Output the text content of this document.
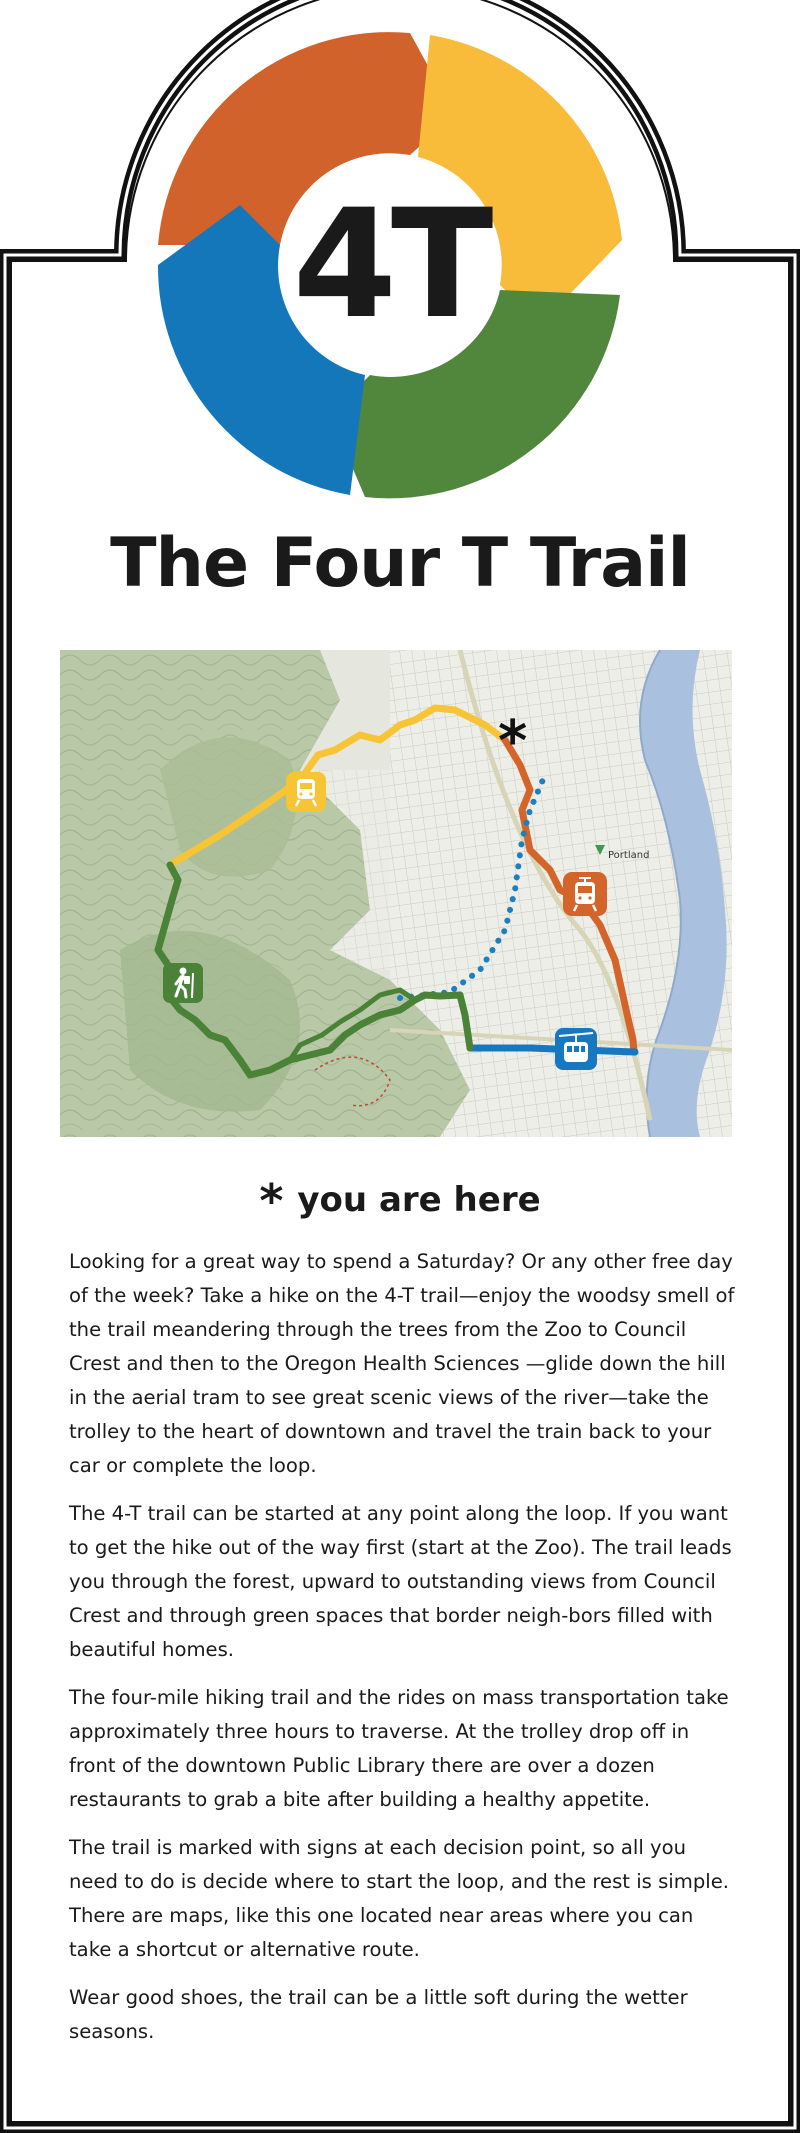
4T
The Four T Trail
Portland
*
* you are here

Looking for a great way to spend a Saturday? Or any other free day of the week? Take a hike on the 4-T trail—enjoy the woodsy smell of the trail meandering through the trees from the Zoo to Council Crest and then to the Oregon Health Sciences —glide down the hill in the aerial tram to see great scenic views of the river—take the trolley to the heart of downtown and travel the train back to your car or complete the loop.

The 4-T trail can be started at any point along the loop. If you want to get the hike out of the way first (start at the Zoo). The trail leads you through the forest, upward to outstanding views from Council Crest and through green spaces that border neigh-bors filled with beautiful homes.

The four-mile hiking trail and the rides on mass transportation take approximately three hours to traverse. At the trolley drop off in front of the downtown Public Library there are over a dozen restaurants to grab a bite after building a healthy appetite.

The trail is marked with signs at each decision point, so all you need to do is decide where to start the loop, and the rest is simple. There are maps, like this one located near areas where you can take a shortcut or alternative route.

Wear good shoes, the trail can be a little soft during the wetter seasons.
